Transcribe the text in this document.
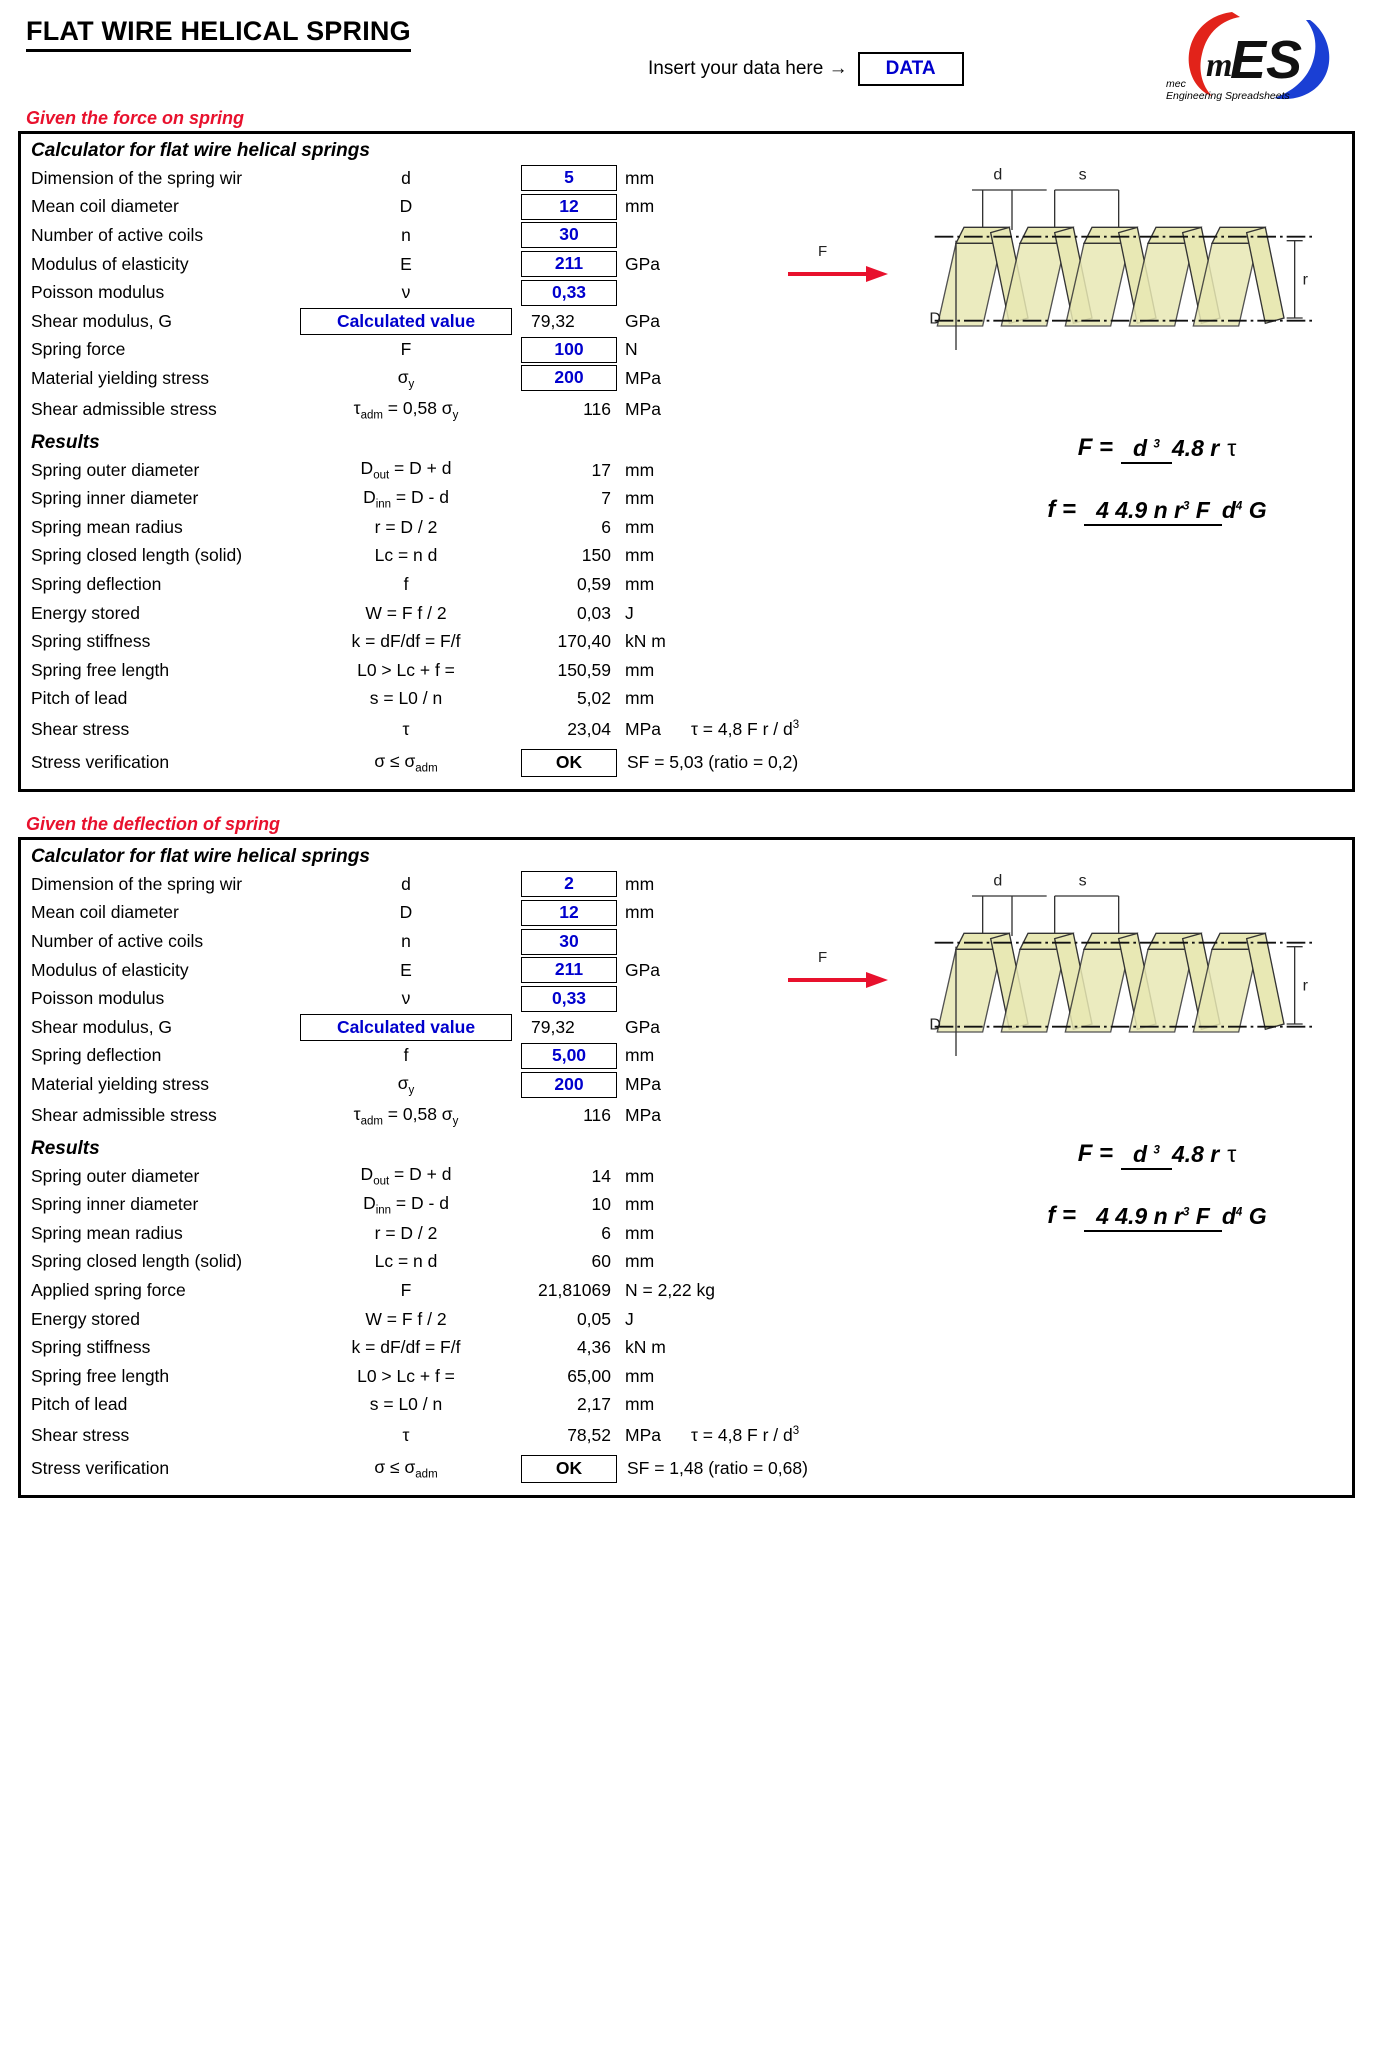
FLAT WIRE HELICAL SPRING
Insert your data here →	DATA	m
ES
mec
Engineering Spreadsheets
Given the force on spring
Calculator for flat wire helical springs
Dimension of the spring wir	d	5	mm
Mean coil diameter	D	12	mm
Number of active coils	n	30
Modulus of elasticity	E	211	GPa
Poisson modulus	ν	0,33
Shear modulus, G	Calculated value	79,32	GPa
Spring force	F	100	N
Material yielding stress	$\sigma_y$	200	MPa
Shear admissible stress	$\tau_{adm} = 0,58$ $\sigma_y$	116 MPa
Results
Spring outer diameter	$D_{out} = D + d$	17 mm
Spring inner diameter	$D_{inn} = D - d$	7 mm
Spring mean radius	r = D / 2	6 mm
Spring closed length (solid)	Lc = n d	150 mm
Spring deflection	f	0,59 mm
Energy stored	W = F f / 2	0,03 J
Spring stiffness	k = dF/df = F/f	170,40 kN m
Spring free length	L0 > Lc + f =	150,59 mm
Pitch of lead	s = L0 / n	5,02 mm
Shear stress	τ	23,04 MPa	τ = 4,8 F r / $d^3$
Stress verification	$\sigma \le \sigma_{adm}$	OK	SF = 5,03 (ratio = 0,2)
d	s
r
D
F = d $^3$ 4.8 r τ
f = 4 4.9 n $r^3$ F $d^4$ G
F
Given the deflection of spring
Calculator for flat wire helical springs
Dimension of the spring wir	d	2	mm
Mean coil diameter	D	12	mm
Number of active coils	n	30
Modulus of elasticity	E	211	GPa
Poisson modulus	ν	0,33
Shear modulus, G	Calculated value	79,32	GPa
Spring deflection	f	5,00	mm
Material yielding stress	$\sigma_y$	200	MPa
Shear admissible stress	$\tau_{adm} = 0,58$ $\sigma_y$	116 MPa
Results
Spring outer diameter	$D_{out} = D + d$	14 mm
Spring inner diameter	$D_{inn} = D - d$	10 mm
Spring mean radius	r = D / 2	6 mm
Spring closed length (solid)	Lc = n d	60 mm
Applied spring force	F	21,81069 N = 2,22 kg
Energy stored	W = F f / 2	0,05 J
Spring stiffness	k = dF/df = F/f	4,36 kN m
Spring free length	L0 > Lc + f =	65,00 mm
Pitch of lead	s = L0 / n	2,17 mm
Shear stress	τ	78,52 MPa	τ = 4,8 F r / $d^3$
Stress verification	$\sigma \le \sigma_{adm}$	OK	SF = 1,48 (ratio = 0,68)
d	s
r
D
F = d $^3$ 4.8 r τ
f = 4 4.9 n $r^3$ F $d^4$ G
F
